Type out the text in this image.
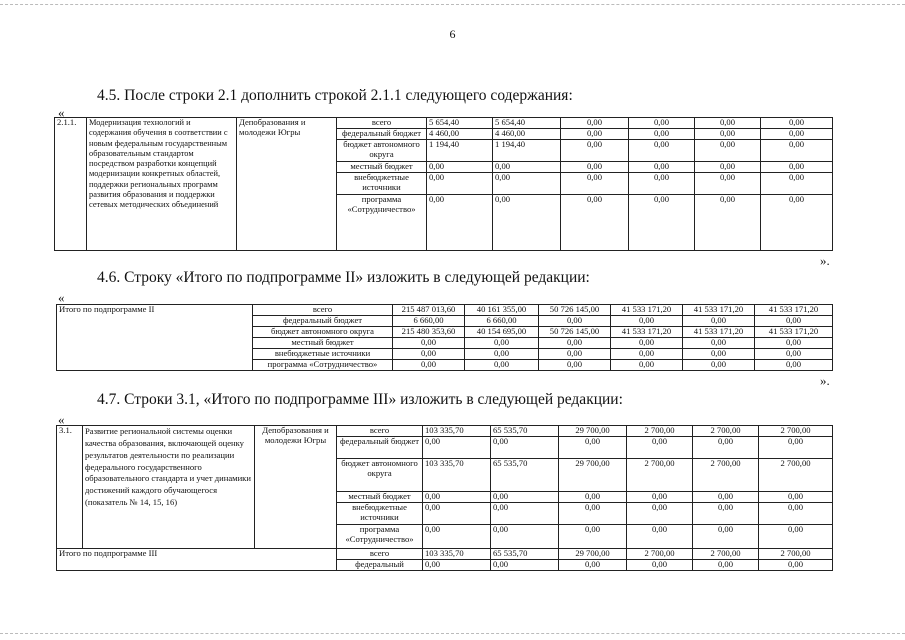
6
4.5. После строки 2.1 дополнить строкой 2.1.1 следующего содержания:
«
2.1.1.	Модернизация технологий и содержания обучения в соответствии с новым федеральным государственным образовательным стандартом посредством разработки концепций модернизации конкретных областей, поддержки региональных программ развития образования и поддержки сетевых методических объединений	Депобразования и молодежи Югры	всего	5 654,40	5 654,40	0,00	0,00	0,00	0,00
			федеральный бюджет	4 460,00	4 460,00	0,00	0,00	0,00	0,00
			бюджет автономного округа	1 194,40	1 194,40	0,00	0,00	0,00	0,00
			местный бюджет	0,00	0,00	0,00	0,00	0,00	0,00
			внебюджетные источники	0,00	0,00	0,00	0,00	0,00	0,00
			программа «Сотрудничество»	0,00	0,00	0,00	0,00	0,00	0,00
».
4.6. Строку «Итого по подпрограмме II» изложить в следующей редакции:
«
Итого по подпрограмме II	всего	215 487 013,60	40 161 355,00	50 726 145,00	41 533 171,20	41 533 171,20	41 533 171,20
	федеральный бюджет	6 660,00	6 660,00	0,00	0,00	0,00	0,00
	бюджет автономного округа	215 480 353,60	40 154 695,00	50 726 145,00	41 533 171,20	41 533 171,20	41 533 171,20
	местный бюджет	0,00	0,00	0,00	0,00	0,00	0,00
	внебюджетные источники	0,00	0,00	0,00	0,00	0,00	0,00
	программа «Сотрудничество»	0,00	0,00	0,00	0,00	0,00	0,00
».
4.7. Строки 3.1, «Итого по подпрограмме III» изложить в следующей редакции:
«
3.1.	Развитие региональной системы оценки качества образования, включающей оценку результатов деятельности по реализации федерального государственного образовательного стандарта и учет динамики достижений каждого обучающегося (показатель № 14, 15, 16)	Депобразования и молодежи Югры	всего	103 335,70	65 535,70	29 700,00	2 700,00	2 700,00	2 700,00
			федеральный бюджет	0,00	0,00	0,00	0,00	0,00	0,00
			бюджет автономного округа	103 335,70	65 535,70	29 700,00	2 700,00	2 700,00	2 700,00
			местный бюджет	0,00	0,00	0,00	0,00	0,00	0,00
			внебюджетные источники	0,00	0,00	0,00	0,00	0,00	0,00
			программа «Сотрудничество»	0,00	0,00	0,00	0,00	0,00	0,00
Итого по подпрограмме III			всего	103 335,70	65 535,70	29 700,00	2 700,00	2 700,00	2 700,00
			федеральный	0,00	0,00	0,00	0,00	0,00	0,00
